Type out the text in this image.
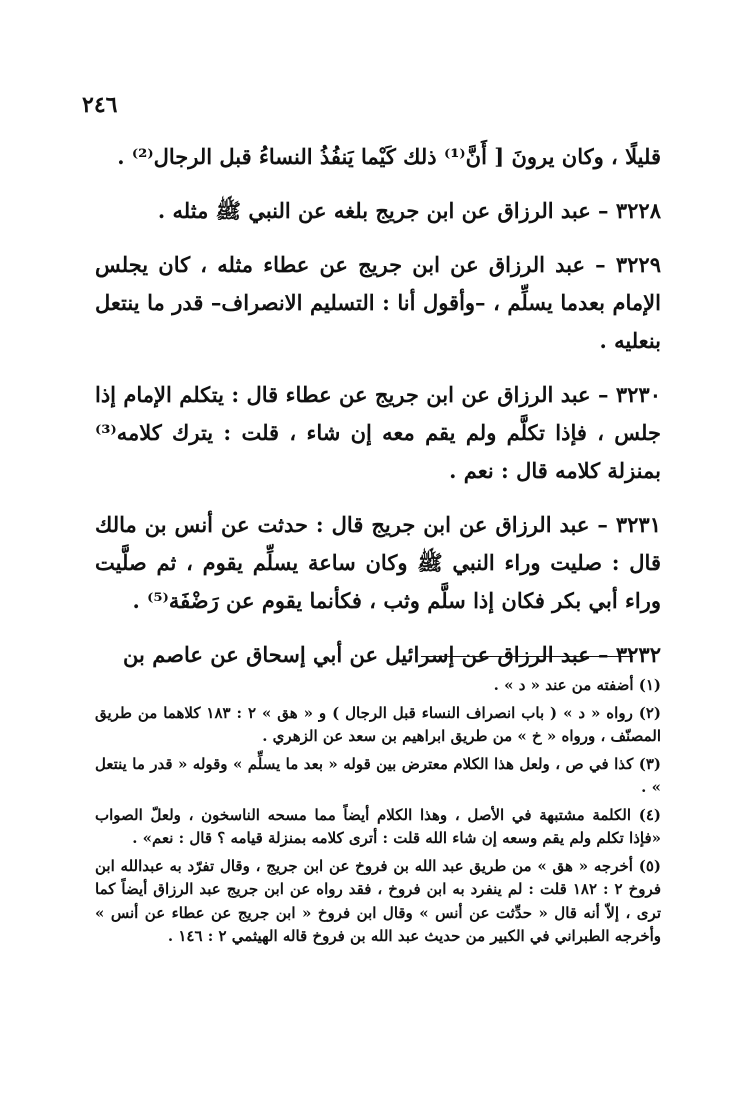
٢٤٦

قليلًا ، وكان يرونَ [ أَنَّ⁽¹⁾ ذلك كَيْما يَنفُذُ النساءُ قبل الرجال⁽²⁾ .

٣٢٢٨ – عبد الرزاق عن ابن جريج بلغه عن النبي ﷺ مثله .

٣٢٢٩ – عبد الرزاق عن ابن جريج عن عطاء مثله ، كان يجلس الإمام بعدما يسلِّم ، –وأقول أنا : التسليم الانصراف– قدر ما ينتعل بنعليه .

٣٢٣٠ – عبد الرزاق عن ابن جريج عن عطاء قال : يتكلم الإمام إذا جلس ، فإذا تكلَّم ولم يقم معه إن شاء ، قلت : يترك كلامه⁽³⁾ بمنزلة كلامه قال : نعم .

٣٢٣١ – عبد الرزاق عن ابن جريج قال : حدثت عن أنس بن مالك قال : صليت وراء النبي ﷺ وكان ساعة يسلِّم يقوم ، ثم صلَّيت وراء أبي بكر فكان إذا سلَّم وثب ، فكأنما يقوم عن رَضْفَة⁽⁵⁾ .

٣٢٣٢ – عبد الرزاق عن إسرائيل عن أبي إسحاق عن عاصم بن

(١) أضفته من عند « د » .

(٢) رواه « د » ( باب انصراف النساء قبل الرجال ) و « هق » ٢ : ١٨٣ كلاهما من طريق المصنّف ، ورواه « خ » من طريق ابراهيم بن سعد عن الزهري .

(٣) كذا في ص ، ولعل هذا الكلام معترض بين قوله « بعد ما يسلِّم » وقوله « قدر ما ينتعل » .

(٤) الكلمة مشتبهة في الأصل ، وهذا الكلام أيضاً مما مسحه الناسخون ، ولعلّ الصواب «فإذا تكلم ولم يقم وسعه إن شاء الله قلت : أترى كلامه بمنزلة قيامه ؟ قال : نعم» .

(٥) أخرجه « هق » من طريق عبد الله بن فروخ عن ابن جريج ، وقال تفرّد به عبدالله ابن فروخ ٢ : ١٨٢ قلت : لم ينفرد به ابن فروخ ، فقد رواه عن ابن جريج عبد الرزاق أيضاً كما ترى ، إلاّ أنه قال « حدِّثت عن أنس » وقال ابن فروخ « ابن جريج عن عطاء عن أنس » وأخرجه الطبراني في الكبير من حديث عبد الله بن فروخ قاله الهيثمي ٢ : ١٤٦ .
